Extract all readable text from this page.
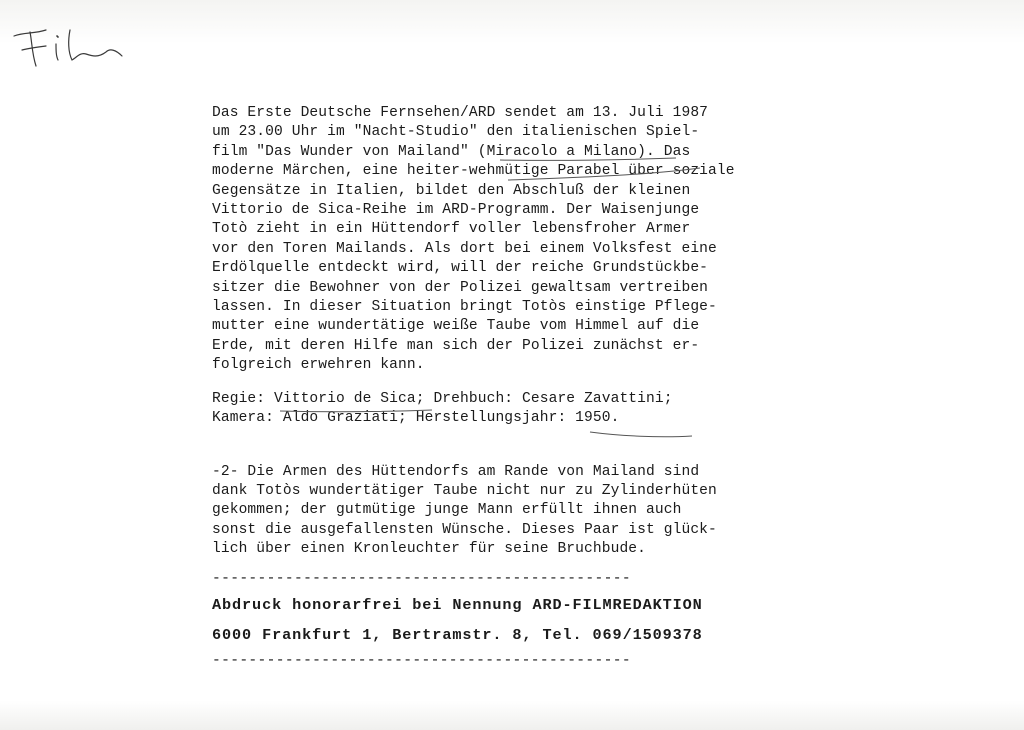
Das Erste Deutsche Fernsehen/ARD sendet am 13. Juli 1987
um 23.00 Uhr im "Nacht-Studio" den italienischen Spiel-
film "Das Wunder von Mailand" (Miracolo a Milano). Das
moderne Märchen, eine heiter-wehmütige Parabel über soziale
Gegensätze in Italien, bildet den Abschluß der kleinen
Vittorio de Sica-Reihe im ARD-Programm. Der Waisenjunge
Totò zieht in ein Hüttendorf voller lebensfroher Armer
vor den Toren Mailands. Als dort bei einem Volksfest eine
Erdölquelle entdeckt wird, will der reiche Grundstückbe-
sitzer die Bewohner von der Polizei gewaltsam vertreiben
lassen. In dieser Situation bringt Totòs einstige Pflege-
mutter eine wundertätige weiße Taube vom Himmel auf die
Erde, mit deren Hilfe man sich der Polizei zunächst er-
folgreich erwehren kann.
Regie: Vittorio de Sica; Drehbuch: Cesare Zavattini;
Kamera: Aldo Graziati; Herstellungsjahr: 1950.
-2- Die Armen des Hüttendorfs am Rande von Mailand sind
dank Totòs wundertätiger Taube nicht nur zu Zylinderhüten
gekommen; der gutmütige junge Mann erfüllt ihnen auch
sonst die ausgefallensten Wünsche. Dieses Paar ist glück-
lich über einen Kronleuchter für seine Bruchbude.
----------------------------------------------
Abdruck honorarfrei bei Nennung ARD-FILMREDAKTION
6000 Frankfurt 1, Bertramstr. 8, Tel. 069/1509378
----------------------------------------------
